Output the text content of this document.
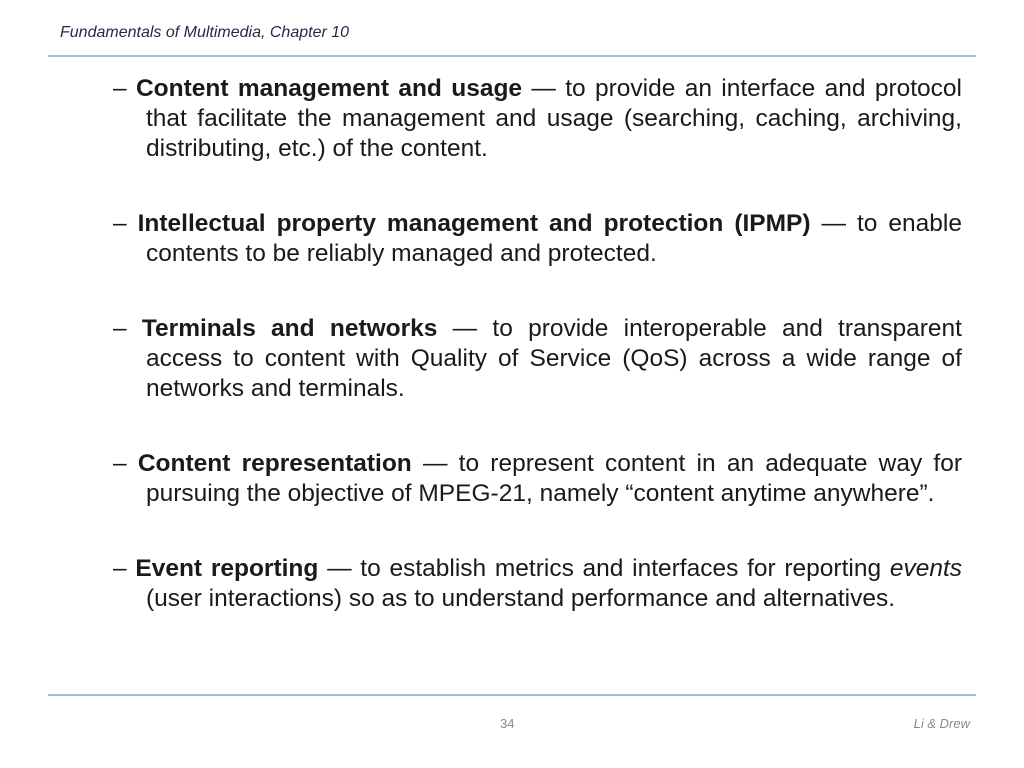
Fundamentals of Multimedia, Chapter 10

– Content management and usage — to provide an interface and protocol that facilitate the management and usage (searching, caching, archiving, distributing, etc.) of the content.

– Intellectual property management and protection (IPMP) — to enable contents to be reliably managed and protected.

– Terminals and networks — to provide interoperable and transparent access to content with Quality of Service (QoS) across a wide range of networks and terminals.

– Content representation — to represent content in an adequate way for pursuing the objective of MPEG-21, namely “content anytime anywhere”.

– Event reporting — to establish metrics and interfaces for reporting events (user interactions) so as to understand performance and alternatives.

34	Li & Drew
